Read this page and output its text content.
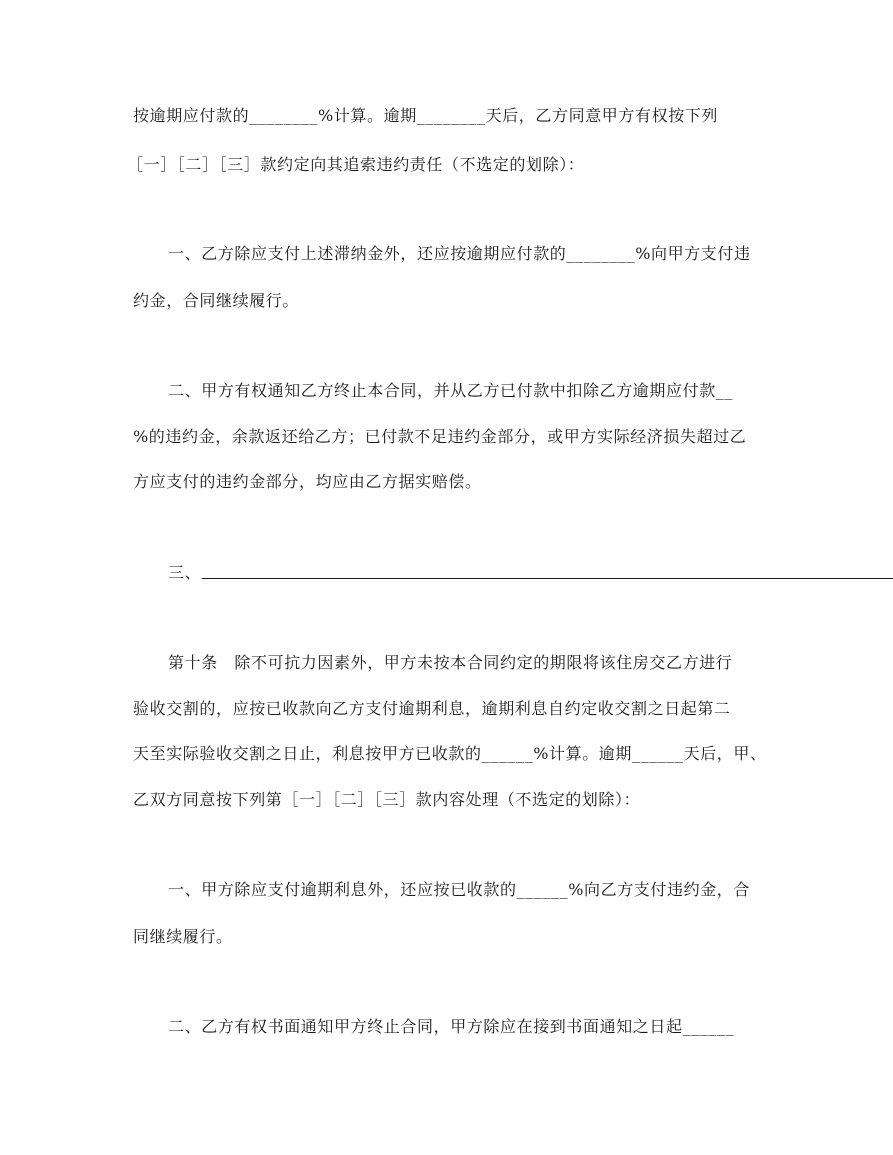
按逾期应付款的________%计算。逾期________天后，乙方同意甲方有权按下列
［一］［二］［三］款约定向其追索违约责任（不选定的划除）：
一、乙方除应支付上述滞纳金外，还应按逾期应付款的________%向甲方支付违
约金，合同继续履行。
二、甲方有权通知乙方终止本合同，并从乙方已付款中扣除乙方逾期应付款__
%的违约金，余款返还给乙方；已付款不足违约金部分，或甲方实际经济损失超过乙
方应支付的违约金部分，均应由乙方据实赔偿。
三、
第十条　除不可抗力因素外，甲方未按本合同约定的期限将该住房交乙方进行
验收交割的，应按已收款向乙方支付逾期利息，逾期利息自约定收交割之日起第二
天至实际验收交割之日止，利息按甲方已收款的______%计算。逾期______天后，甲、
乙双方同意按下列第［一］［二］［三］款内容处理（不选定的划除）：
一、甲方除应支付逾期利息外，还应按已收款的______%向乙方支付违约金，合
同继续履行。
二、乙方有权书面通知甲方终止合同，甲方除应在接到书面通知之日起______
